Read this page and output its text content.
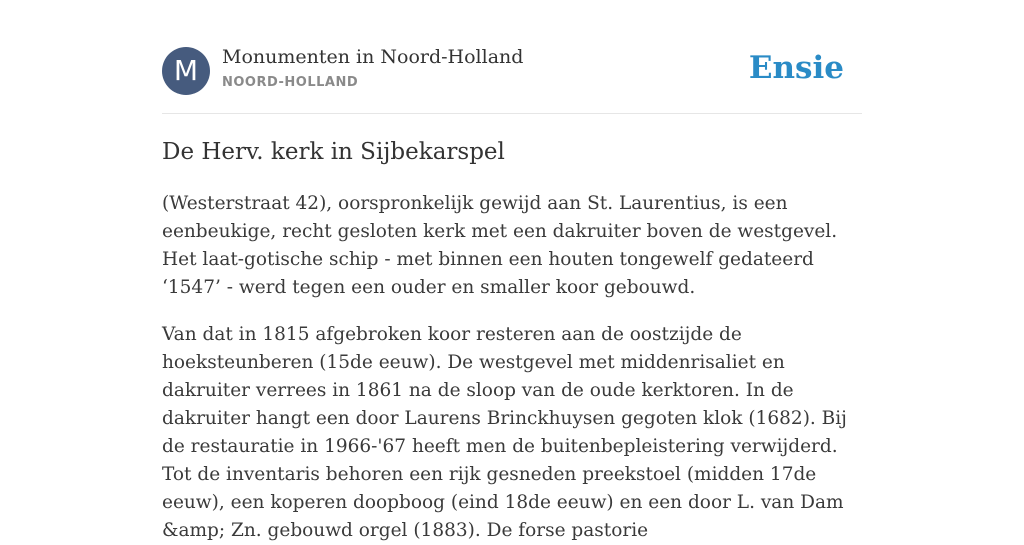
M	Monumenten in Noord-Holland
NOORD-HOLLAND	Ensie
De Herv. kerk in Sijbekarspel

(Westerstraat 42), oorspronkelijk gewijd aan St. Laurentius, is een eenbeukige, recht gesloten kerk met een dakruiter boven de westgevel. Het laat-gotische schip - met binnen een houten tongewelf gedateerd ‘1547’ - werd tegen een ouder en smaller koor gebouwd.

Van dat in 1815 afgebroken koor resteren aan de oostzijde de hoeksteunberen (15de eeuw). De westgevel met middenrisaliet en dakruiter verrees in 1861 na de sloop van de oude kerktoren. In de dakruiter hangt een door Laurens Brinckhuysen gegoten klok (1682). Bij de restauratie in 1966-'67 heeft men de buitenbepleistering verwijderd. Tot de inventaris behoren een rijk gesneden preekstoel (midden 17de eeuw), een koperen doopboog (eind 18de eeuw) en een door L. van Dam &amp; Zn. gebouwd orgel (1883). De forse pastorie
